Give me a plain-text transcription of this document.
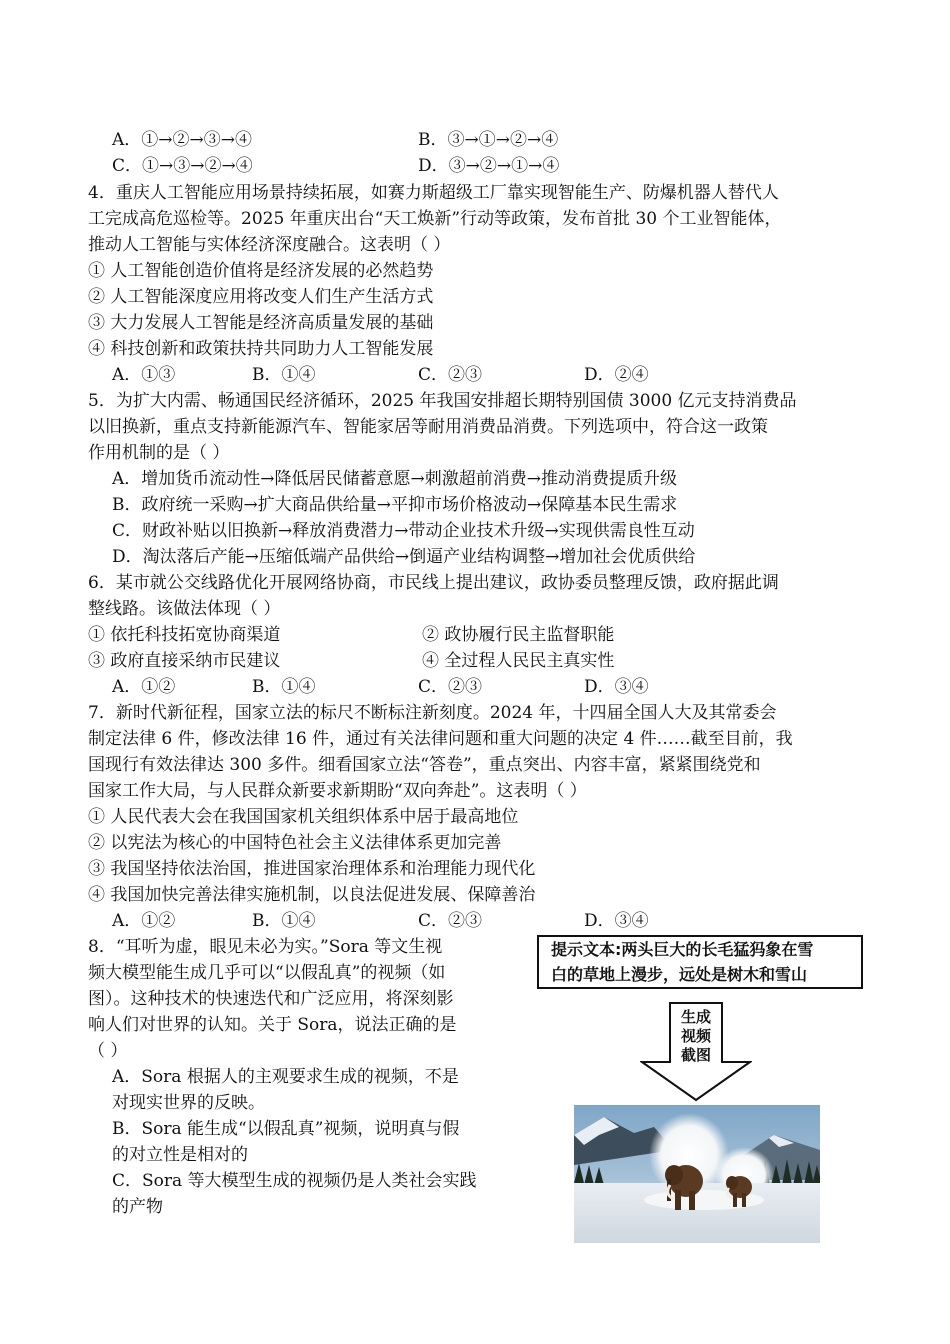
A．①→②→③→④	B．③→①→②→④
C．①→③→②→④	D．③→②→①→④
4．重庆人工智能应用场景持续拓展，如赛力斯超级工厂靠实现智能生产、防爆机器人替代人
工完成高危巡检等。2025 年重庆出台“天工焕新”行动等政策，发布首批 30 个工业智能体，
推动人工智能与实体经济深度融合。这表明（ ）
① 人工智能创造价值将是经济发展的必然趋势
② 人工智能深度应用将改变人们生产生活方式
③ 大力发展人工智能是经济高质量发展的基础
④ 科技创新和政策扶持共同助力人工智能发展
A．①③	B．①④	C．②③	D．②④
5．为扩大内需、畅通国民经济循环，2025 年我国安排超长期特别国债 3000 亿元支持消费品
以旧换新，重点支持新能源汽车、智能家居等耐用消费品消费。下列选项中，符合这一政策
作用机制的是（ ）
A．增加货币流动性→降低居民储蓄意愿→刺激超前消费→推动消费提质升级
B．政府统一采购→扩大商品供给量→平抑市场价格波动→保障基本民生需求
C．财政补贴以旧换新→释放消费潜力→带动企业技术升级→实现供需良性互动
D．淘汰落后产能→压缩低端产品供给→倒逼产业结构调整→增加社会优质供给
6．某市就公交线路优化开展网络协商，市民线上提出建议，政协委员整理反馈，政府据此调
整线路。该做法体现（ ）
① 依托科技拓宽协商渠道	② 政协履行民主监督职能
③ 政府直接采纳市民建议	④ 全过程人民民主真实性
A．①②	B．①④	C．②③	D．③④
7．新时代新征程，国家立法的标尺不断标注新刻度。2024 年，十四届全国人大及其常委会
制定法律 6 件，修改法律 16 件，通过有关法律问题和重大问题的决定 4 件……截至目前，我
国现行有效法律达 300 多件。细看国家立法“答卷”，重点突出、内容丰富，紧紧围绕党和
国家工作大局，与人民群众新要求新期盼“双向奔赴”。这表明（ ）
① 人民代表大会在我国国家机关组织体系中居于最高地位
② 以宪法为核心的中国特色社会主义法律体系更加完善
③ 我国坚持依法治国，推进国家治理体系和治理能力现代化
④ 我国加快完善法律实施机制，以良法促进发展、保障善治
A．①②	B．①④	C．②③	D．③④
8．“耳听为虚，眼见未必为实。”Sora 等文生视
频大模型能生成几乎可以“以假乱真”的视频（如
图）。这种技术的快速迭代和广泛应用，将深刻影
响人们对世界的认知。关于 Sora，说法正确的是
（ ）
A．Sora 根据人的主观要求生成的视频，不是
对现实世界的反映。
B．Sora 能生成“以假乱真”视频，说明真与假
的对立性是相对的
C．Sora 等大模型生成的视频仍是人类社会实践
的产物
提示文本:两头巨大的长毛猛犸象在雪
白的草地上漫步，远处是树木和雪山
生成
视频
截图
